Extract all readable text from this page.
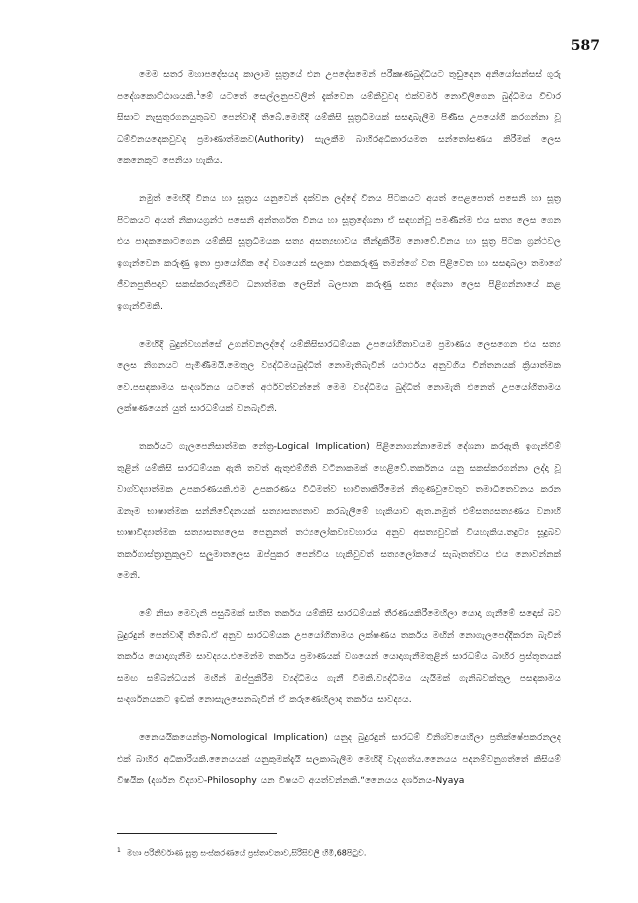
587

මෙම සතර මහාපදේසයද කාලාම සූත්‍රයේ එන උපදේසමෙන් පරීක්‍ෂණබුද්ධියට තුඩුදෙන අනියෝසන්සස් ගුරු පදේශකොට්ඨාශයකි.$^1$මේ යටතේ සෙල්ලනුපවලින් දැක්වෙන යම්කිවුවද එක්වර්ම නොවිලිගෙන බුද්ධිමය විචාර සිසාට නැසුතුරගනයුතුබව පෙන්වාදී තිබේ.මෙහිදි යම්කිසි සූත්‍රධිමයක් සසඳාබැලීම පිණිස උපයෝගි කරගන්නා වූ ධම්විනයදෙකවුවද ප්‍රමාණාත්මකව(Authority) සැලකීම බාහිරඅධිකාරයමත සන්තෝසණය කිරීමක් ලෙස කෙනෙකුට පෙනියා හැකිය.

නමුත් මෙහිදී විනය හා සූත්‍රය යනුවෙන් දක්වන ලද්දේ විනය පිටකයට අයත් පෙළපොත් පසෙනි හා සූත්‍ර පිටකයට අයත් නිකායග්‍රන්ථ පසෙනි අන්තර්ගත විනය හා සූත්‍රදේශනා ඒ සඳහන්වූ පමණින්ම එය සත්‍ය ලෙස ගෙන එය පාදකකොටගෙන යම්කිසි සූත්‍රධිමයක සත්‍ය අසත්‍යභාවය තීන්දුකිරීම නොවේ.විනය හා සූත්‍ර පිටක ග්‍රන්ථවල ඉගැන්වෙන කරුණු ඉතා ප්‍රායෝගික දේ වශයෙන් සලකා එකකරුණු තමන්ගේ වත පිළිවෙත හා සසඳාබලා තමාගේ ජීවනපුතිපදාව සකස්කරගැනීමට ධනාත්මක ලෙසින් බලපාන කරුණු සත්‍ය දේශනා ලෙස පිළිගන්නායේ කළ ඉගැන්වීමකි.

මෙහිදි බුදුන්වහන්සේ උගන්වනලද්දේ යම්කිසිසාරධම්යක උපයෝගිතාවයම ප්‍රමාණය ලෙසගෙන එය සත්‍ය ලෙස නිගනයට පැමිණීමයි.මෙතුල ව්‍යද්ධිමයබුද්ධිත් නොමැතිබැවින් යථාර්ථය අනුවගිය චින්තනයක් ක්‍රියාත්මක වෙ.පසඳකාමය සංදර්ශනය යටතේ අර්ථවත්වන්නේ මෙම ව්‍යද්ධිමය බුද්ධිත් නොමැති එනෙත් උපයෝගිතාමය ලක්ෂණයෙන් යුත් සාරධම්යක් වනබැවිනි.

තර්කයට ගැලපෙනිසාත්මක නේත්‍ර-Logical Implication) පිළිනොගන්නාමෙන් දේශනා කරඇති ඉගැන්වීම් තුළින් යම්කිසි සාරධම්යක ඇති තවත් ඇතුළුම්ගිති වටිනාකමක් හෙළිවේ.තර්කනය යනු සකස්කරගන්නා ලද්දා වූ වාග්වද්‍යාත්මක උපකරණයකි.එම උපකරණය විධිමත්ව භාවිතාකිරීමෙන් නිගුණවුවෙතුව තමාධිතෙවනය කරන ඔනෑම භාෂාත්මක සන්නිවේදනයක් සත්‍යාසත්‍යතාව කරබැලීමේ හැකියාව ඇත.නමුත් එම්සත්‍යසත්‍යණය වනාහි භාෂාවිද්‍යාත්මක සත්‍යාසත්‍යලෙස පෙනුනත් තථ්‍යලෝකව්‍යවහාරය අනුව අසත්‍යවුවක් වියහැකිය.තදුට්‍ය සූදුබව තර්කගාස්ත්‍රානුකුලව සලුමාතලෙස ඔප්පුකර පෙන්විය හැකිවුවත් සත්‍යලෝකයේ සැබෑතත්වය එය නොවන්නක් මෙනි.

මේ නිසා මෙවැනි පසුබිමක් සහිත තර්කය යම්කිසි සාරධම්යක් තීරණයකිරීමෙහිලා යොදා ගැනීමේ සඳොස් බව බුදුරදුන් පෙන්වාදී තිබේ.ඒ අනුව සාරධම්යක උපයෝගිතාමය ලක්ෂණය තර්කය මඟින් නොගැලපෙද්දීකරන බැවින් තර්කය යොදාගැනීම සාවද්‍යය.එමෙන්ම තර්කය ප්‍රමාණයක් වශයෙන් යොදාගැනීමතුළින් සාරධම්ය බාහිර ප්‍රස්තූතයක් සමඟ සම්බන්ධයන් මඟින් ඔප්පුකිරීම ව්‍යද්ධිමය ගැනී වීමකි.ව්‍යද්ධිමය යැයිමක් ගැනිබවක්තුල පසඳකාමය සංදර්ශනයකට ඉඩක් නොසැලසෙනබැවින් ඒ කරුණෙහිලාද තර්කය සාවද්‍යය.

නෛයයිකයෙන්ත්‍ර-Nomological Implication) යනුද බුදුරදුන් සාරධම් විනිශ්චයෙහිලා ප්‍රතික්ෂේපකරනලද එක් බාහිර අධිකාරියකි.නෛයයක් යනුකුමක්දැයි සලකාබැලීම මෙහිදි වැදගත්ය.නෛයය පදනම්වනුගත්තේ කිසියම් විෂයික (දර්ශන විද්‍යාව-Philosophy යන විෂයට අයත්වන්නකි.“නෛයය දර්ශනය-Nyaya

$^1$ මහා පරිනිර්වාණ සූත්‍ර සංස්කරණයේ ප්‍රස්තාවනාව,සිරිසිවලි හිමි,68පිටුව.
